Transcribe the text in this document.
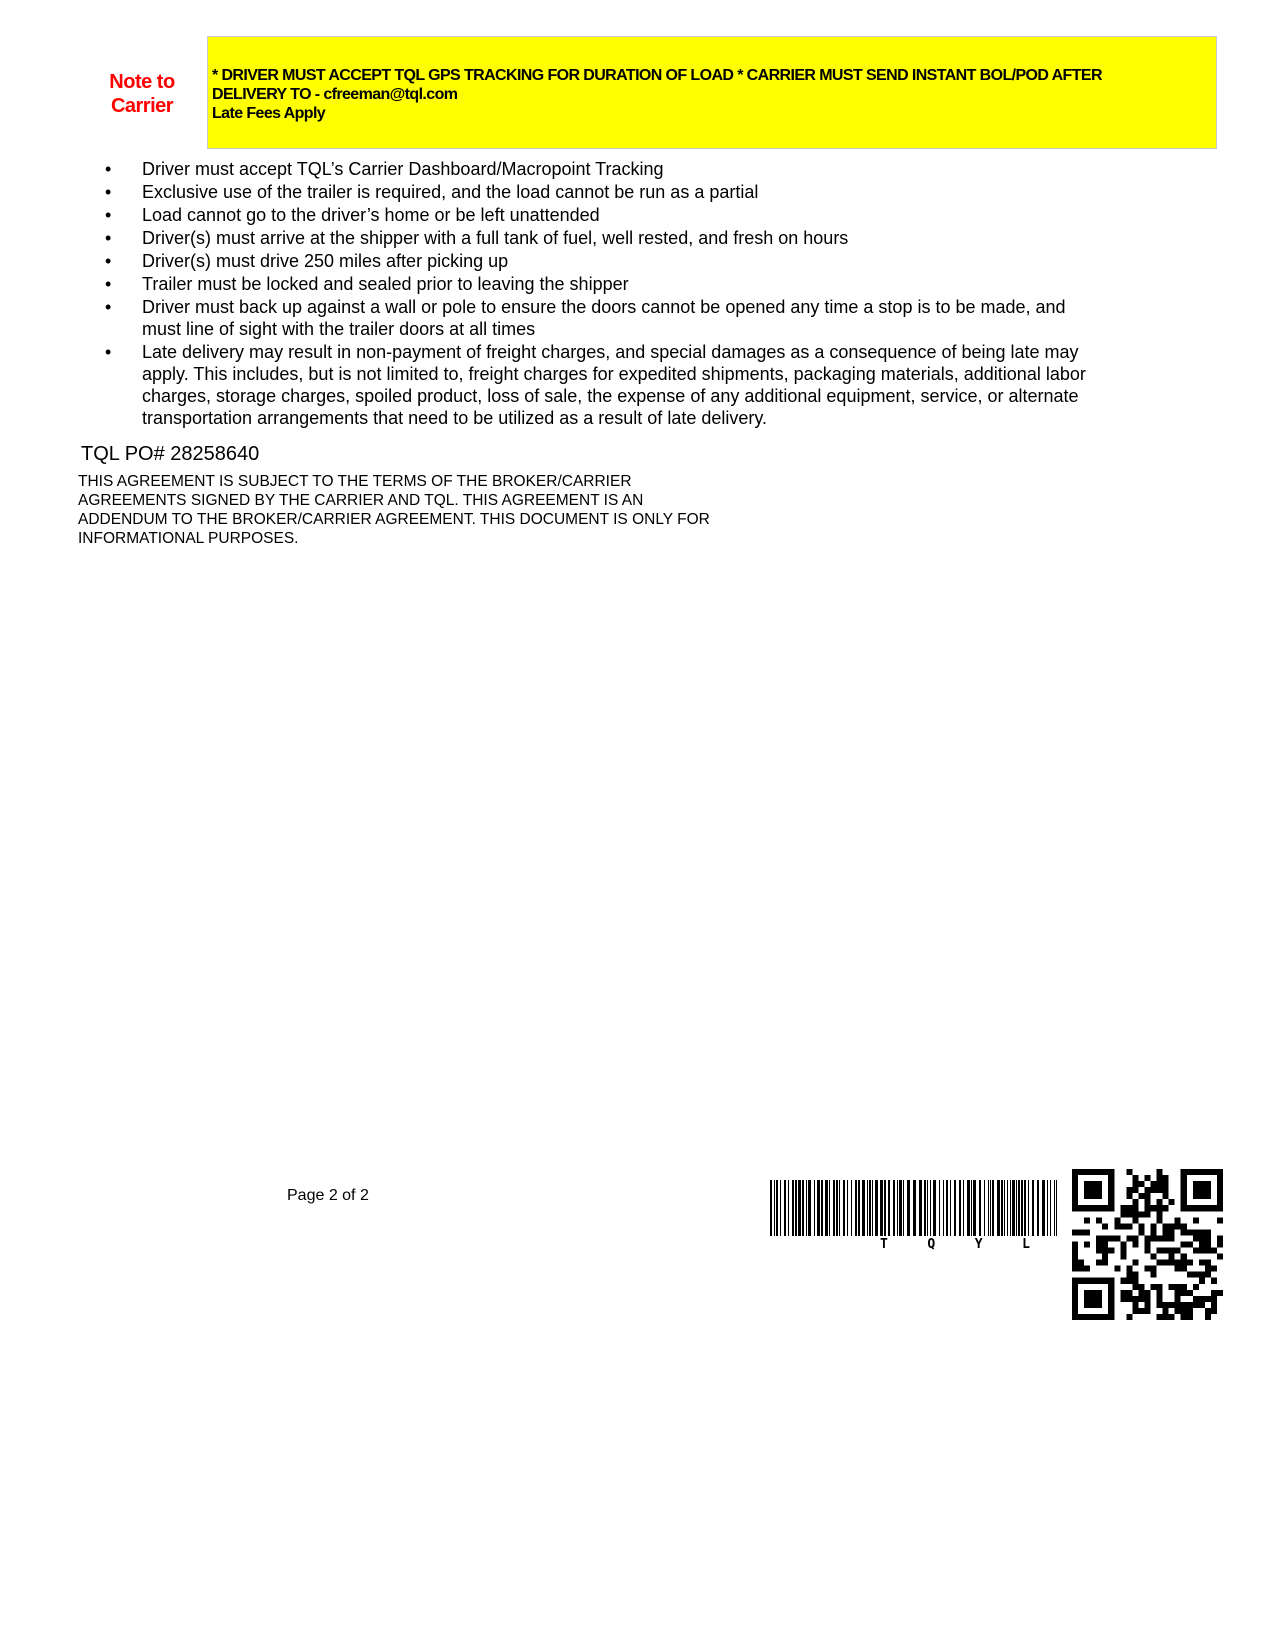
Note to
Carrier
* DRIVER MUST ACCEPT TQL GPS TRACKING FOR DURATION OF LOAD * CARRIER MUST SEND INSTANT BOL/POD AFTER
DELIVERY TO - cfreeman@tql.com
Late Fees Apply
• Driver must accept TQL’s Carrier Dashboard/Macropoint Tracking
• Exclusive use of the trailer is required, and the load cannot be run as a partial
• Load cannot go to the driver’s home or be left unattended
• Driver(s) must arrive at the shipper with a full tank of fuel, well rested, and fresh on hours
• Driver(s) must drive 250 miles after picking up
• Trailer must be locked and sealed prior to leaving the shipper
• Driver must back up against a wall or pole to ensure the doors cannot be opened any time a stop is to be made, and must line of sight with the trailer doors at all times
• Late delivery may result in non-payment of freight charges, and special damages as a consequence of being late may apply. This includes, but is not limited to, freight charges for expedited shipments, packaging materials, additional labor charges, storage charges, spoiled product, loss of sale, the expense of any additional equipment, service, or alternate transportation arrangements that need to be utilized as a result of late delivery.
TQL PO# 28258640
THIS AGREEMENT IS SUBJECT TO THE TERMS OF THE BROKER/CARRIER
AGREEMENTS SIGNED BY THE CARRIER AND TQL. THIS AGREEMENT IS AN
ADDENDUM TO THE BROKER/CARRIER AGREEMENT. THIS DOCUMENT IS ONLY FOR
INFORMATIONAL PURPOSES.
Page 2 of 2
T	Q	Y	L
